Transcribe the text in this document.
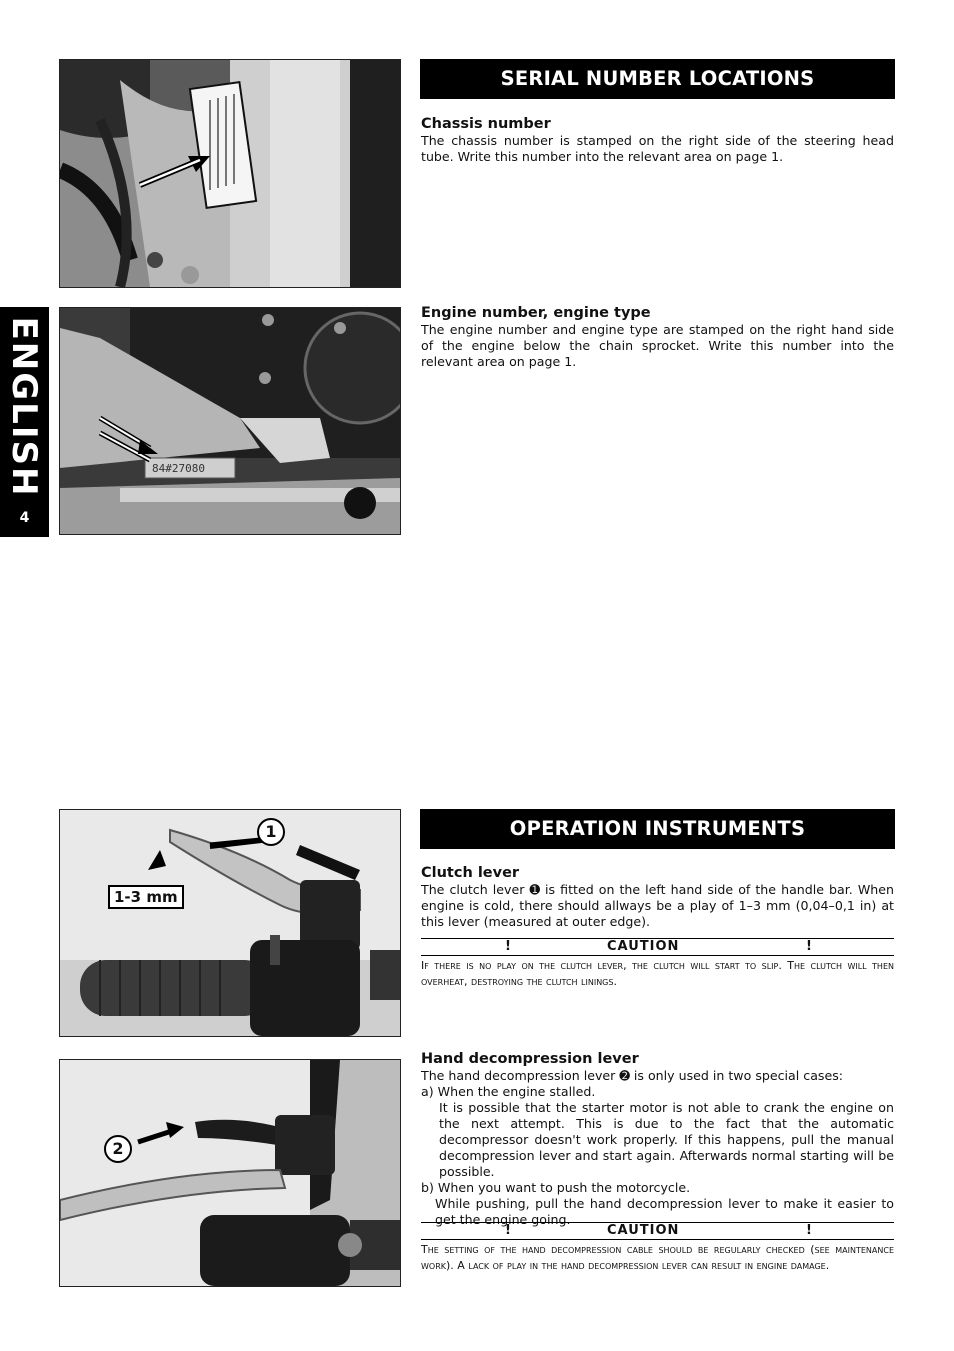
ENGLISH
4
84#27080
SERIAL NUMBER LOCATIONS
Chassis number

The chassis number is stamped on the right side of the steering head tube. Write this number into the relevant area on page 1.

Engine number, engine type

The engine number and engine type are stamped on the right hand side of the engine below the chain sprocket. Write this number into the relevant area on page 1.

1
1-3 mm
2
OPERATION INSTRUMENTS
Clutch lever

The clutch lever ➊ is fitted on the left hand side of the handle bar. When engine is cold, there should allways be a play of 1–3 mm (0,04–0,1 in) at this lever (measured at outer edge).

!	CAUTION	!

If there is no play on the clutch lever, the clutch will start to slip. The clutch will then overheat, destroying the clutch linings.

Hand decompression lever

The hand decompression lever ➋ is only used in two special cases:

a) When the engine stalled.
It is possible that the starter motor is not able to crank the engine on the next attempt. This is due to the fact that the automatic decompressor doesn't work properly. If this happens, pull the manual decompression lever and start again. Afterwards normal starting will be possible.
b) When you want to push the motorcycle.
While pushing, pull the hand decompression lever to make it easier to get the engine going.
!	CAUTION	!

The setting of the hand decompression cable should be regularly checked (see maintenance work). A lack of play in the hand decompression lever can result in engine damage.
